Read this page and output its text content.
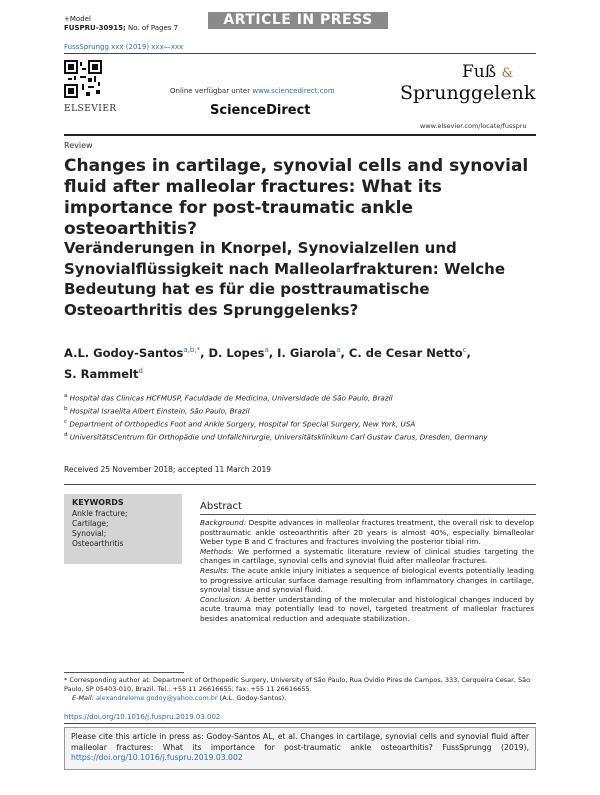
+Model
FUSPRU-30915; No. of Pages 7	ARTICLE IN PRESS
FussSprungg xxx (2019) xxx—xxx
ELSEVIER
Online verfügbar unter www.sciencedirect.com
ScienceDirect
Fuß &
Sprunggelenk
www.elsevier.com/locate/fusspru
Review
Changes in cartilage, synovial cells and synovial fluid after malleolar fractures: What its importance for post-traumatic ankle osteoarthitis?
Veränderungen in Knorpel, Synovialzellen und Synovialflüssigkeit nach Malleolarfrakturen: Welche Bedeutung hat es für die posttraumatische Osteoarthritis des Sprunggelenks?
A.L. Godoy-Santos$^{a,b,*}$, D. Lopes$^a$, I. Giarola$^a$, C. de Cesar Netto$^c$,
S. Rammelt$^d$
$^a$ Hospital das Clinicas HCFMUSP, Faculdade de Medicina, Universidade de São Paulo, Brazil
$^b$ Hospital Israelita Albert Einstein, São Paulo, Brazil
$^c$ Department of Orthopedics Foot and Ankle Surgery, Hospital for Special Surgery, New York, USA
$^d$ UniversitätsCentrum für Orthopädie und Unfallchirurgie, Universitätsklinikum Carl Gustav Carus, Dresden, Germany
Received 25 November 2018; accepted 11 March 2019
KEYWORDS
Ankle fracture;
Cartilage;
Synovial;
Osteoarthritis
Abstract

Background: Despite advances in malleolar fractures treatment, the overall risk to develop posttraumatic ankle osteoarthritis after 20 years is almost 40%, especially bimalleolar Weber type B and C fractures and fractures involving the posterior tibial rim.

Methods: We performed a systematic literature review of clinical studies targeting the changes in cartilage, synovial cells and synovial fluid after malleolar fractures.

Results: The acute ankle injury initiates a sequence of biological events potentially leading to progressive articular surface damage resulting from inflammatory changes in cartilage, synovial tissue and synovial fluid.

Conclusion: A better understanding of the molecular and histological changes induced by acute trauma may potentially lead to novel, targeted treatment of malleolar fractures besides anatomical reduction and adequate stabilization.

* Corresponding author at: Department of Orthopedic Surgery, University of São Paulo, Rua Ovidio Pires de Campos, 333, Cerqueira Cesar, São Paulo, SP 05403-010, Brazil. Tel.: +55 11 26616655; fax: +55 11 26616655.
E-Mail: alexandreleme godoy@yahoo.com.br (A.L. Godoy-Santos).
https://doi.org/10.1016/j.fuspru.2019.03.002
Please cite this article in press as: Godoy-Santos AL, et al. Changes in cartilage, synovial cells and synovial fluid after malleolar fractures: What its importance for post-traumatic ankle osteoarthitis? FussSprungg (2019), https://doi.org/10.1016/j.fuspru.2019.03.002
